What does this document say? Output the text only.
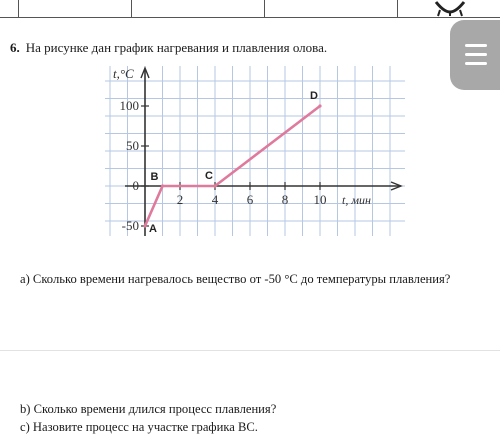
6. На рисунке дан график нагревания и плавления олова.
2 4 6 8 10
100
50
0
-50 A
B	C
D
t,°C
t, мин
а) Сколько времени нагревалось вещество от -50 °С до температуры плавления?
b) Сколько времени длился процесс плавления?
c) Назовите процесс на участке графика ВС.
